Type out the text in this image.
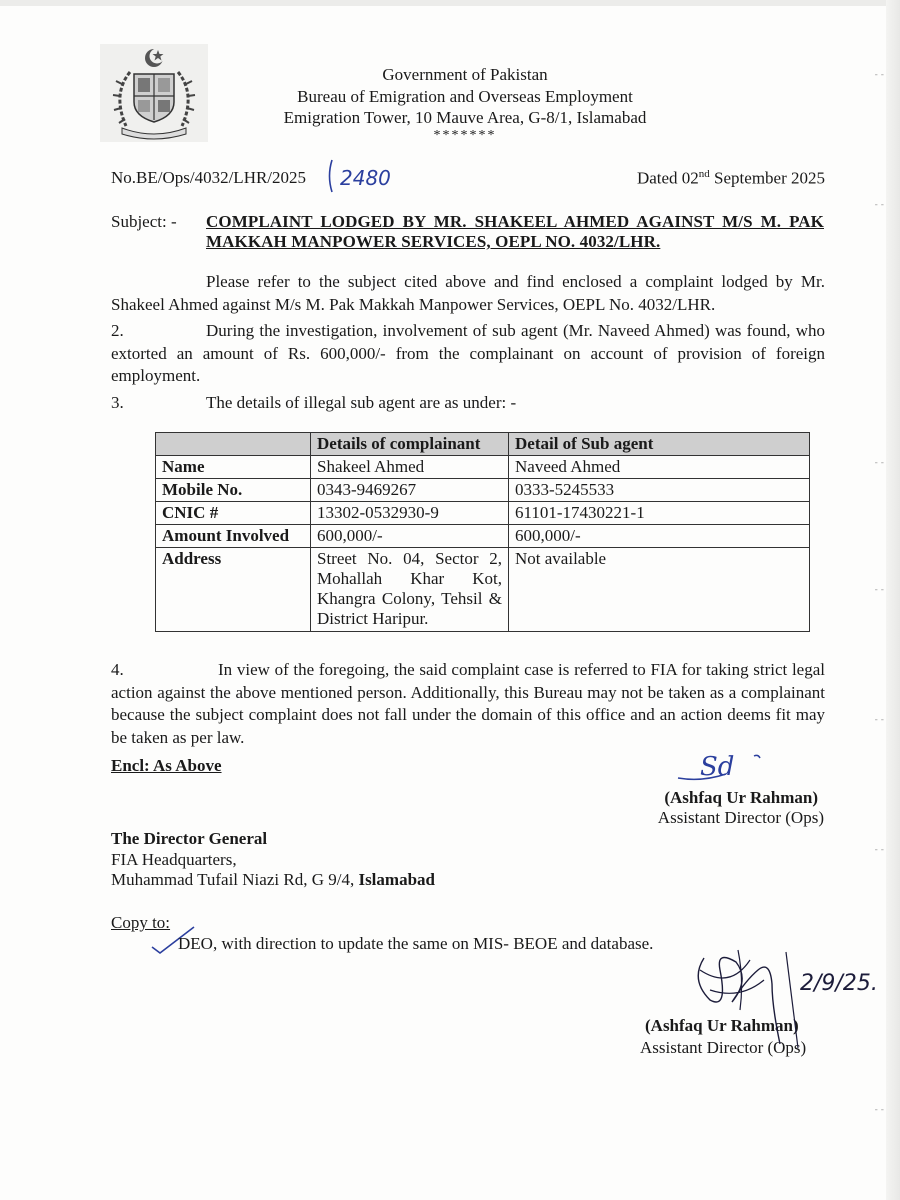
Government of Pakistan
Bureau of Emigration and Overseas Employment
Emigration Tower, 10 Mauve Area, G-8/1, Islamabad
*******
No.BE/Ops/4032/LHR/2025 2480	Dated 02nd September 2025
Subject: - COMPLAINT LODGED BY MR. SHAKEEL AHMED AGAINST M/S M. PAK MAKKAH MANPOWER SERVICES, OEPL NO. 4032/LHR.
Please refer to the subject cited above and find enclosed a complaint lodged by Mr. Shakeel Ahmed against M/s M. Pak Makkah Manpower Services, OEPL No. 4032/LHR.
2.	During the investigation, involvement of sub agent (Mr. Naveed Ahmed) was found, who extorted an amount of Rs. 600,000/- from the complainant on account of provision of foreign employment.
3.	The details of illegal sub agent are as under: -
	Details of complainant	Detail of Sub agent
Name	Shakeel Ahmed	Naveed Ahmed
Mobile No.	0343-9469267	0333-5245533
CNIC #	13302-0532930-9	61101-17430221-1
Amount Involved	600,000/-	600,000/-
Address	Street No. 04, Sector 2, Mohallah Khar Kot, Khangra Colony, Tehsil & District Haripur.	Not available
4.	In view of the foregoing, the said complaint case is referred to FIA for taking strict legal action against the above mentioned person. Additionally, this Bureau may not be taken as a complainant because the subject complaint does not fall under the domain of this office and an action deems fit may be taken as per law.
Encl: As Above	Sd
(Ashfaq Ur Rahman)
Assistant Director (Ops)
The Director General
FIA Headquarters,
Muhammad Tufail Niazi Rd, G 9/4, Islamabad
Copy to:
DEO, with direction to update the same on MIS- BEOE and database.
(Ashfaq Ur Rahman)
Assistant Director (Ops)
2/9/25.
- -
- -
- -
- -
- -
- -
- -
